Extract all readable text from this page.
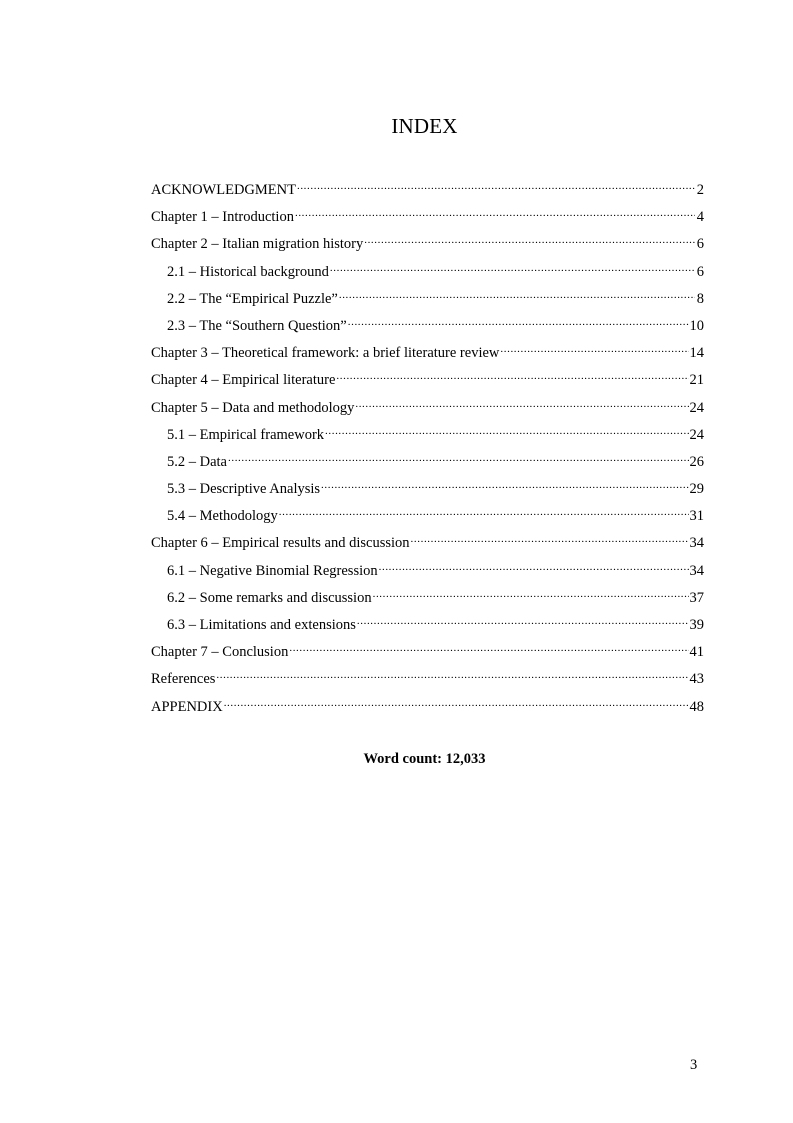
INDEX
ACKNOWLEDGMENT .....	2
Chapter 1 – Introduction .....	4
Chapter 2 – Italian migration history .....	6
2.1 – Historical background .....	6
2.2 – The “Empirical Puzzle” .....	8
2.3 – The “Southern Question” .....	10
Chapter 3 – Theoretical framework: a brief literature review .....	14
Chapter 4 – Empirical literature .....	21
Chapter 5 – Data and methodology .....	24
5.1 – Empirical framework .....	24
5.2 – Data .....	26
5.3 – Descriptive Analysis .....	29
5.4 – Methodology .....	31
Chapter 6 – Empirical results and discussion .....	34
6.1 – Negative Binomial Regression .....	34
6.2 – Some remarks and discussion .....	37
6.3 – Limitations and extensions .....	39
Chapter 7 – Conclusion .....	41
References .....	43
APPENDIX .....	48
Word count: 12,033
3
